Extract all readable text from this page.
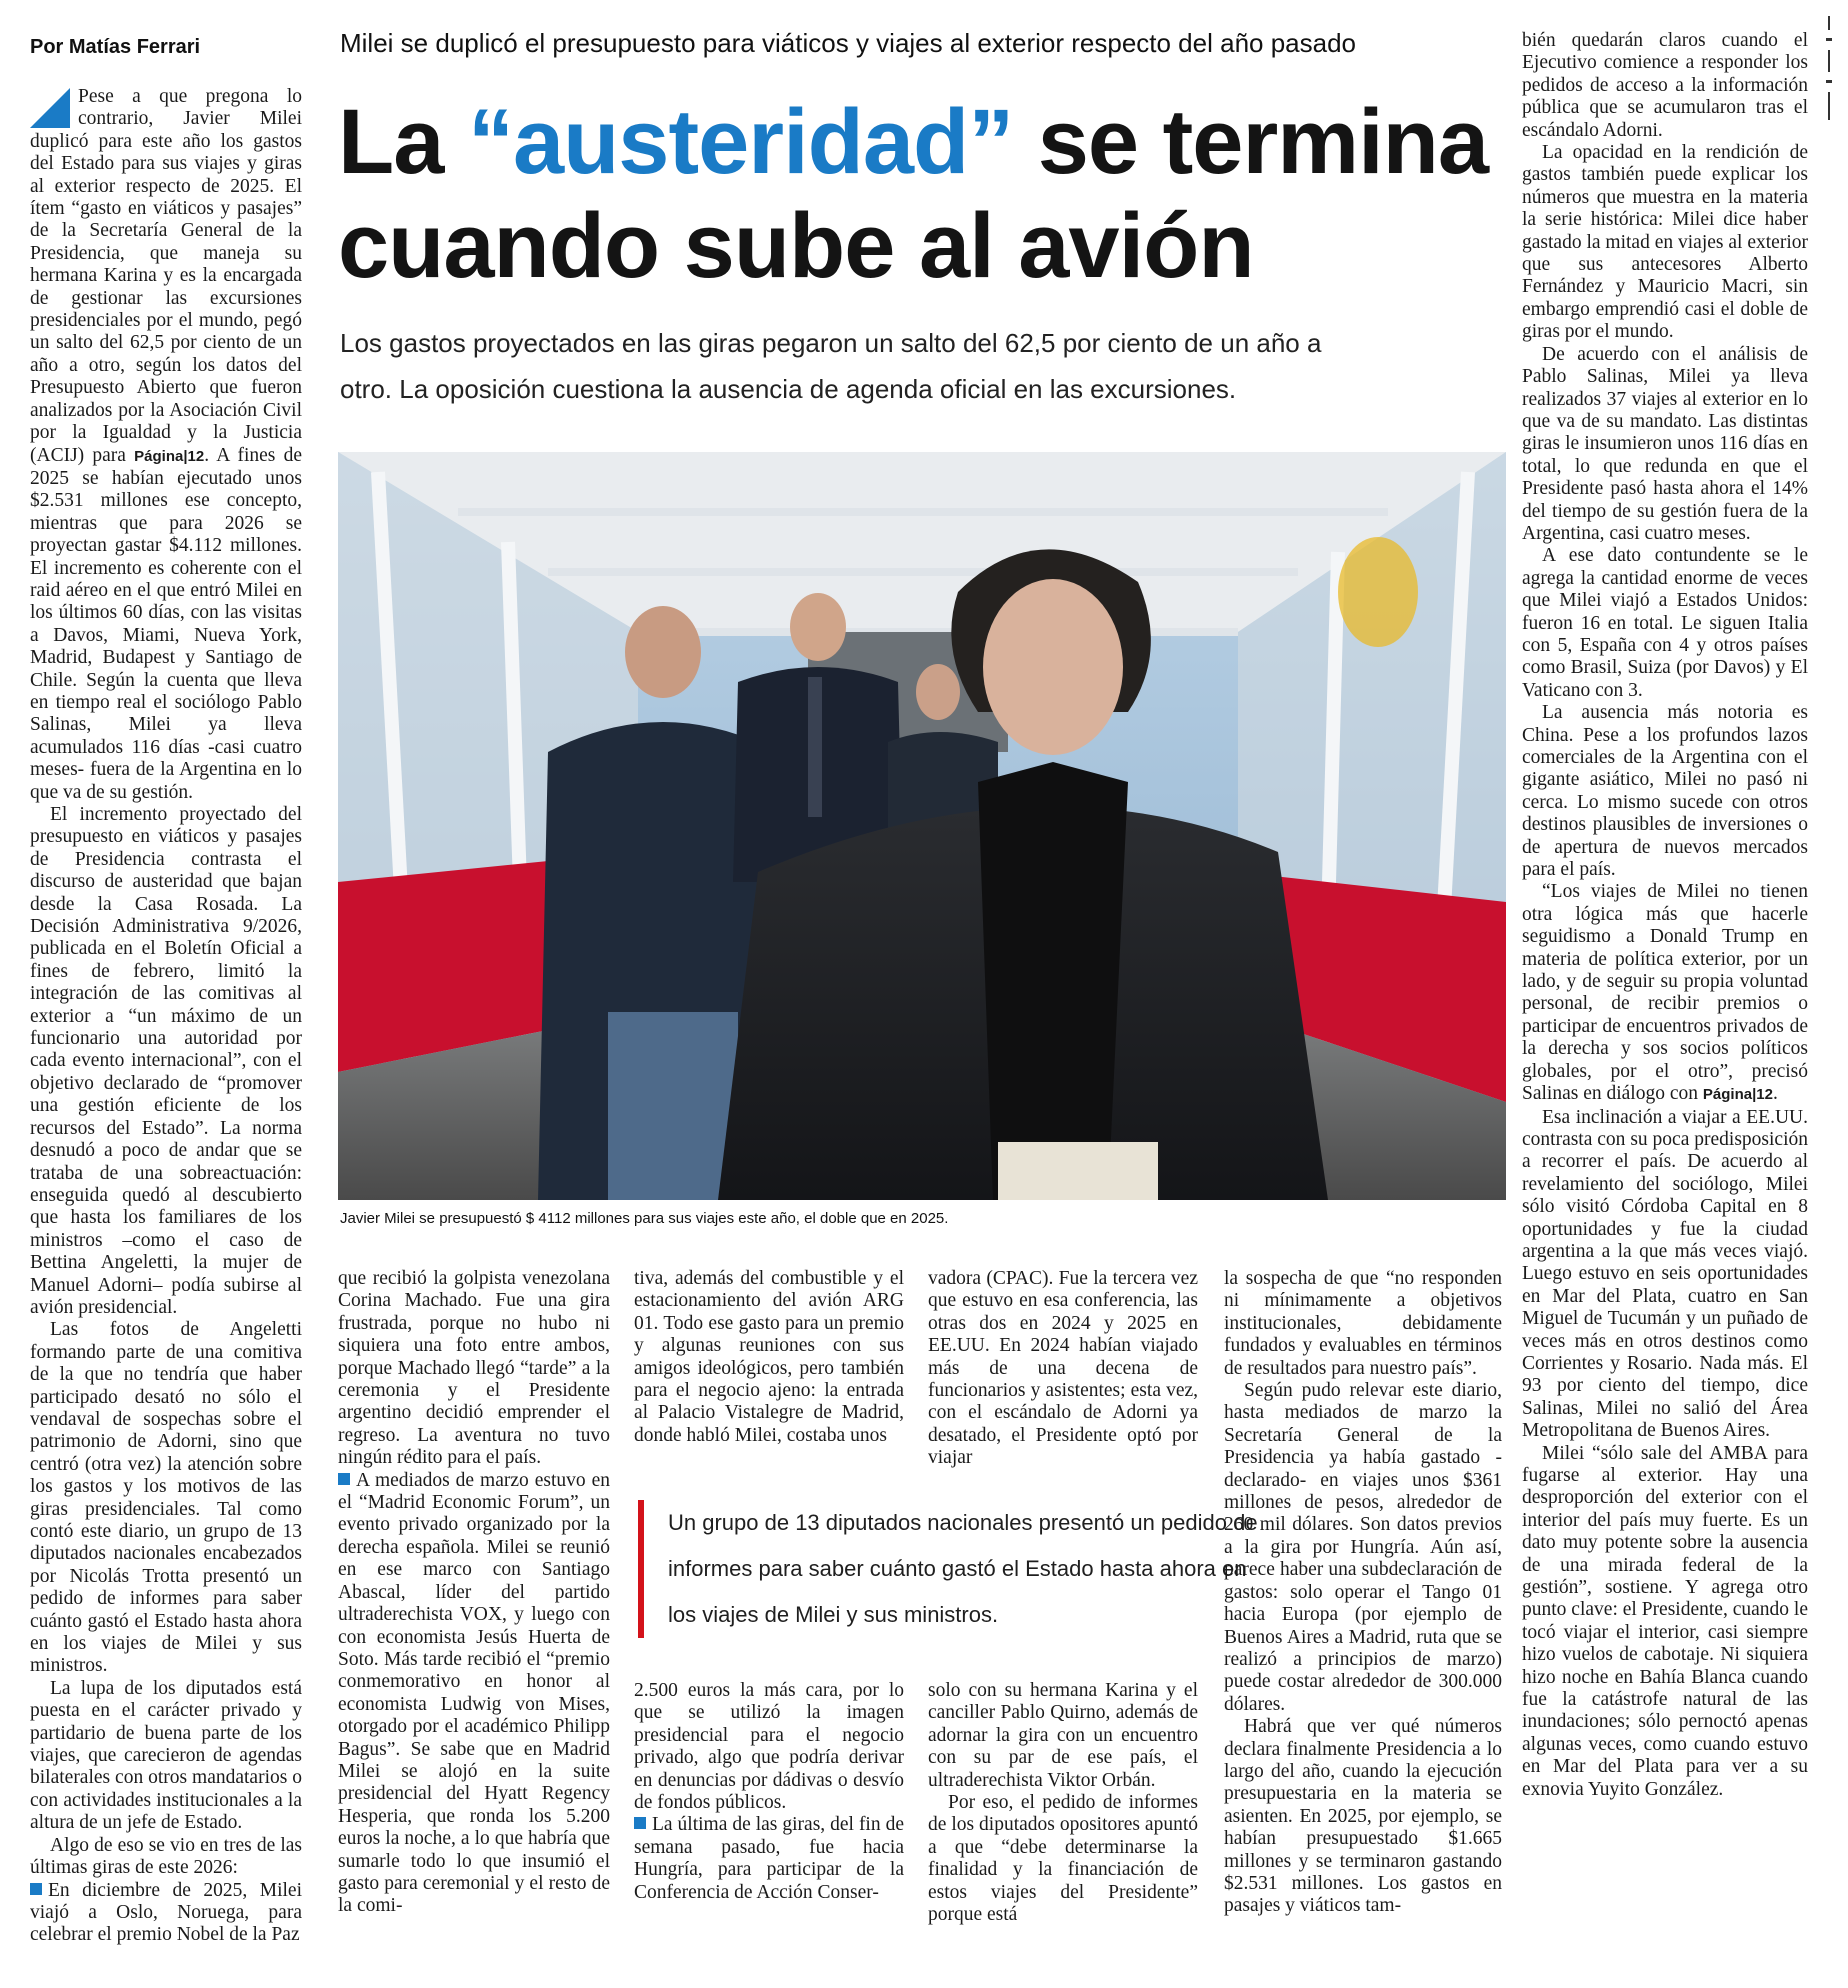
Por Matías Ferrari	Milei se duplicó el presupuesto para viáticos y viajes al exterior respecto del año pasado
La “austeridad” se termina
cuando sube al avión
Los gastos proyectados en las giras pegaron un salto del 62,5 por ciento de un año a otro. La oposición cuestiona la ausencia de agenda oficial en las excursiones.
Javier Milei se presupuestó $ 4112 millones para sus viajes este año, el doble que en 2025.

Pese a que pregona lo contrario, Javier Milei duplicó para este año los gastos del Estado para sus viajes y giras al exterior respecto de 2025. El ítem “gasto en viáticos y pasajes” de la Secretaría General de la Presidencia, que maneja su hermana Karina y es la encargada de gestionar las excursiones presidenciales por el mundo, pegó un salto del 62,5 por ciento de un año a otro, según los datos del Presupuesto Abierto que fueron analizados por la Asociación Civil por la Igualdad y la Justicia (ACIJ) para Página|12. A fines de 2025 se habían ejecutado unos $2.531 millones ese concepto, mientras que para 2026 se proyectan gastar $4.112 millones. El incremento es coherente con el raid aéreo en el que entró Milei en los últimos 60 días, con las visitas a Davos, Miami, Nueva York, Madrid, Budapest y Santiago de Chile. Según la cuenta que lleva en tiempo real el sociólogo Pablo Salinas, Milei ya lleva acumulados 116 días -casi cuatro meses- fuera de la Argentina en lo que va de su gestión.

El incremento proyectado del presupuesto en viáticos y pasajes de Presidencia contrasta el discurso de austeridad que bajan desde la Casa Rosada. La Decisión Administrativa 9/2026, publicada en el Boletín Oficial a fines de febrero, limitó la integración de las comitivas al exterior a “un máximo de un funcionario una autoridad por cada evento internacional”, con el objetivo declarado de “promover una gestión eficiente de los recursos del Estado”. La norma desnudó a poco de andar que se trataba de una sobreactuación: enseguida quedó al descubierto que hasta los familiares de los ministros –como el caso de Bettina Angeletti, la mujer de Manuel Adorni– podía subirse al avión presidencial.

Las fotos de Angeletti formando parte de una comitiva de la que no tendría que haber participado desató no sólo el vendaval de sospechas sobre el patrimonio de Adorni, sino que centró (otra vez) la atención sobre los gastos y los motivos de las giras presidenciales. Tal como contó este diario, un grupo de 13 diputados nacionales encabezados por Nicolás Trotta presentó un pedido de informes para saber cuánto gastó el Estado hasta ahora en los viajes de Milei y sus ministros.

La lupa de los diputados está puesta en el carácter privado y partidario de buena parte de los viajes, que carecieron de agendas bilaterales con otros mandatarios o con actividades institucionales a la altura de un jefe de Estado.

Algo de eso se vio en tres de las últimas giras de este 2026:

En diciembre de 2025, Milei viajó a Oslo, Noruega, para celebrar el premio Nobel de la Paz

que recibió la golpista venezolana Corina Machado. Fue una gira frustrada, porque no hubo ni siquiera una foto entre ambos, porque Machado llegó “tarde” a la ceremonia y el Presidente argentino decidió emprender el regreso. La aventura no tuvo ningún rédito para el país.

A mediados de marzo estuvo en el “Madrid Economic Forum”, un evento privado organizado por la derecha española. Milei se reunió en ese marco con Santiago Abascal, líder del partido ultraderechista VOX, y luego con con economista Jesús Huerta de Soto. Más tarde recibió el “premio conmemorativo en honor al economista Ludwig von Mises, otorgado por el académico Philipp Bagus”. Se sabe que en Madrid Milei se alojó en la suite presidencial del Hyatt Regency Hesperia, que ronda los 5.200 euros la noche, a lo que habría que sumarle todo lo que insumió el gasto para ceremonial y el resto de la comi-

tiva, además del combustible y el estacionamiento del avión ARG 01. Todo ese gasto para un premio y algunas reuniones con sus amigos ideológicos, pero también para el negocio ajeno: la entrada al Palacio Vistalegre de Madrid, donde habló Milei, costaba unos

2.500 euros la más cara, por lo que se utilizó la imagen presidencial para el negocio privado, algo que podría derivar en denuncias por dádivas o desvío de fondos públicos.

La última de las giras, del fin de semana pasado, fue hacia Hungría, para participar de la Conferencia de Acción Conser-

vadora (CPAC). Fue la tercera vez que estuvo en esa conferencia, las otras dos en 2024 y 2025 en EE.UU. En 2024 habían viajado más de una decena de funcionarios y asistentes; esta vez, con el escándalo de Adorni ya desatado, el Presidente optó por viajar

solo con su hermana Karina y el canciller Pablo Quirno, además de adornar la gira con un encuentro con su par de ese país, el ultraderechista Viktor Orbán.

Por eso, el pedido de informes de los diputados opositores apuntó a que “debe determinarse la finalidad y la financiación de estos viajes del Presidente” porque está

Un grupo de 13 diputados nacionales presentó un pedido de informes para saber cuánto gastó el Estado hasta ahora en los viajes de Milei y sus ministros.

la sospecha de que “no responden ni mínimamente a objetivos institucionales, debidamente fundados y evaluables en términos de resultados para nuestro país”.

Según pudo relevar este diario, hasta mediados de marzo la Secretaría General de la Presidencia ya había gastado -declarado- en viajes unos $361 millones de pesos, alrededor de 260 mil dólares. Son datos previos a la gira por Hungría. Aún así, parece haber una subdeclaración de gastos: solo operar el Tango 01 hacia Europa (por ejemplo de Buenos Aires a Madrid, ruta que se realizó a principios de marzo) puede costar alrededor de 300.000 dólares.

Habrá que ver qué números declara finalmente Presidencia a lo largo del año, cuando la ejecución presupuestaria en la materia se asienten. En 2025, por ejemplo, se habían presupuestado $1.665 millones y se terminaron gastando $2.531 millones. Los gastos en pasajes y viáticos tam-

bién quedarán claros cuando el Ejecutivo comience a responder los pedidos de acceso a la información pública que se acumularon tras el escándalo Adorni.

La opacidad en la rendición de gastos también puede explicar los números que muestra en la materia la serie histórica: Milei dice haber gastado la mitad en viajes al exterior que sus antecesores Alberto Fernández y Mauricio Macri, sin embargo emprendió casi el doble de giras por el mundo.

De acuerdo con el análisis de Pablo Salinas, Milei ya lleva realizados 37 viajes al exterior en lo que va de su mandato. Las distintas giras le insumieron unos 116 días en total, lo que redunda en que el Presidente pasó hasta ahora el 14% del tiempo de su gestión fuera de la Argentina, casi cuatro meses.

A ese dato contundente se le agrega la cantidad enorme de veces que Milei viajó a Estados Unidos: fueron 16 en total. Le siguen Italia con 5, España con 4 y otros países como Brasil, Suiza (por Davos) y El Vaticano con 3.

La ausencia más notoria es China. Pese a los profundos lazos comerciales de la Argentina con el gigante asiático, Milei no pasó ni cerca. Lo mismo sucede con otros destinos plausibles de inversiones o de apertura de nuevos mercados para el país.

“Los viajes de Milei no tienen otra lógica más que hacerle seguidismo a Donald Trump en materia de política exterior, por un lado, y de seguir su propia voluntad personal, de recibir premios o participar de encuentros privados de la derecha y sos socios políticos globales, por el otro”, precisó Salinas en diálogo con Página|12.

Esa inclinación a viajar a EE.UU. contrasta con su poca predisposición a recorrer el país. De acuerdo al revelamiento del sociólogo, Milei sólo visitó Córdoba Capital en 8 oportunidades y fue la ciudad argentina a la que más veces viajó. Luego estuvo en seis oportunidades en Mar del Plata, cuatro en San Miguel de Tucumán y un puñado de veces más en otros destinos como Corrientes y Rosario. Nada más. El 93 por ciento del tiempo, dice Salinas, Milei no salió del Área Metropolitana de Buenos Aires.

Milei “sólo sale del AMBA para fugarse al exterior. Hay una desproporción del exterior con el interior del país muy fuerte. Es un dato muy potente sobre la ausencia de una mirada federal de la gestión”, sostiene. Y agrega otro punto clave: el Presidente, cuando le tocó viajar el interior, casi siempre hizo vuelos de cabotaje. Ni siquiera hizo noche en Bahía Blanca cuando fue la catástrofe natural de las inundaciones; sólo pernoctó apenas algunas veces, como cuando estuvo en Mar del Plata para ver a su exnovia Yuyito González.
